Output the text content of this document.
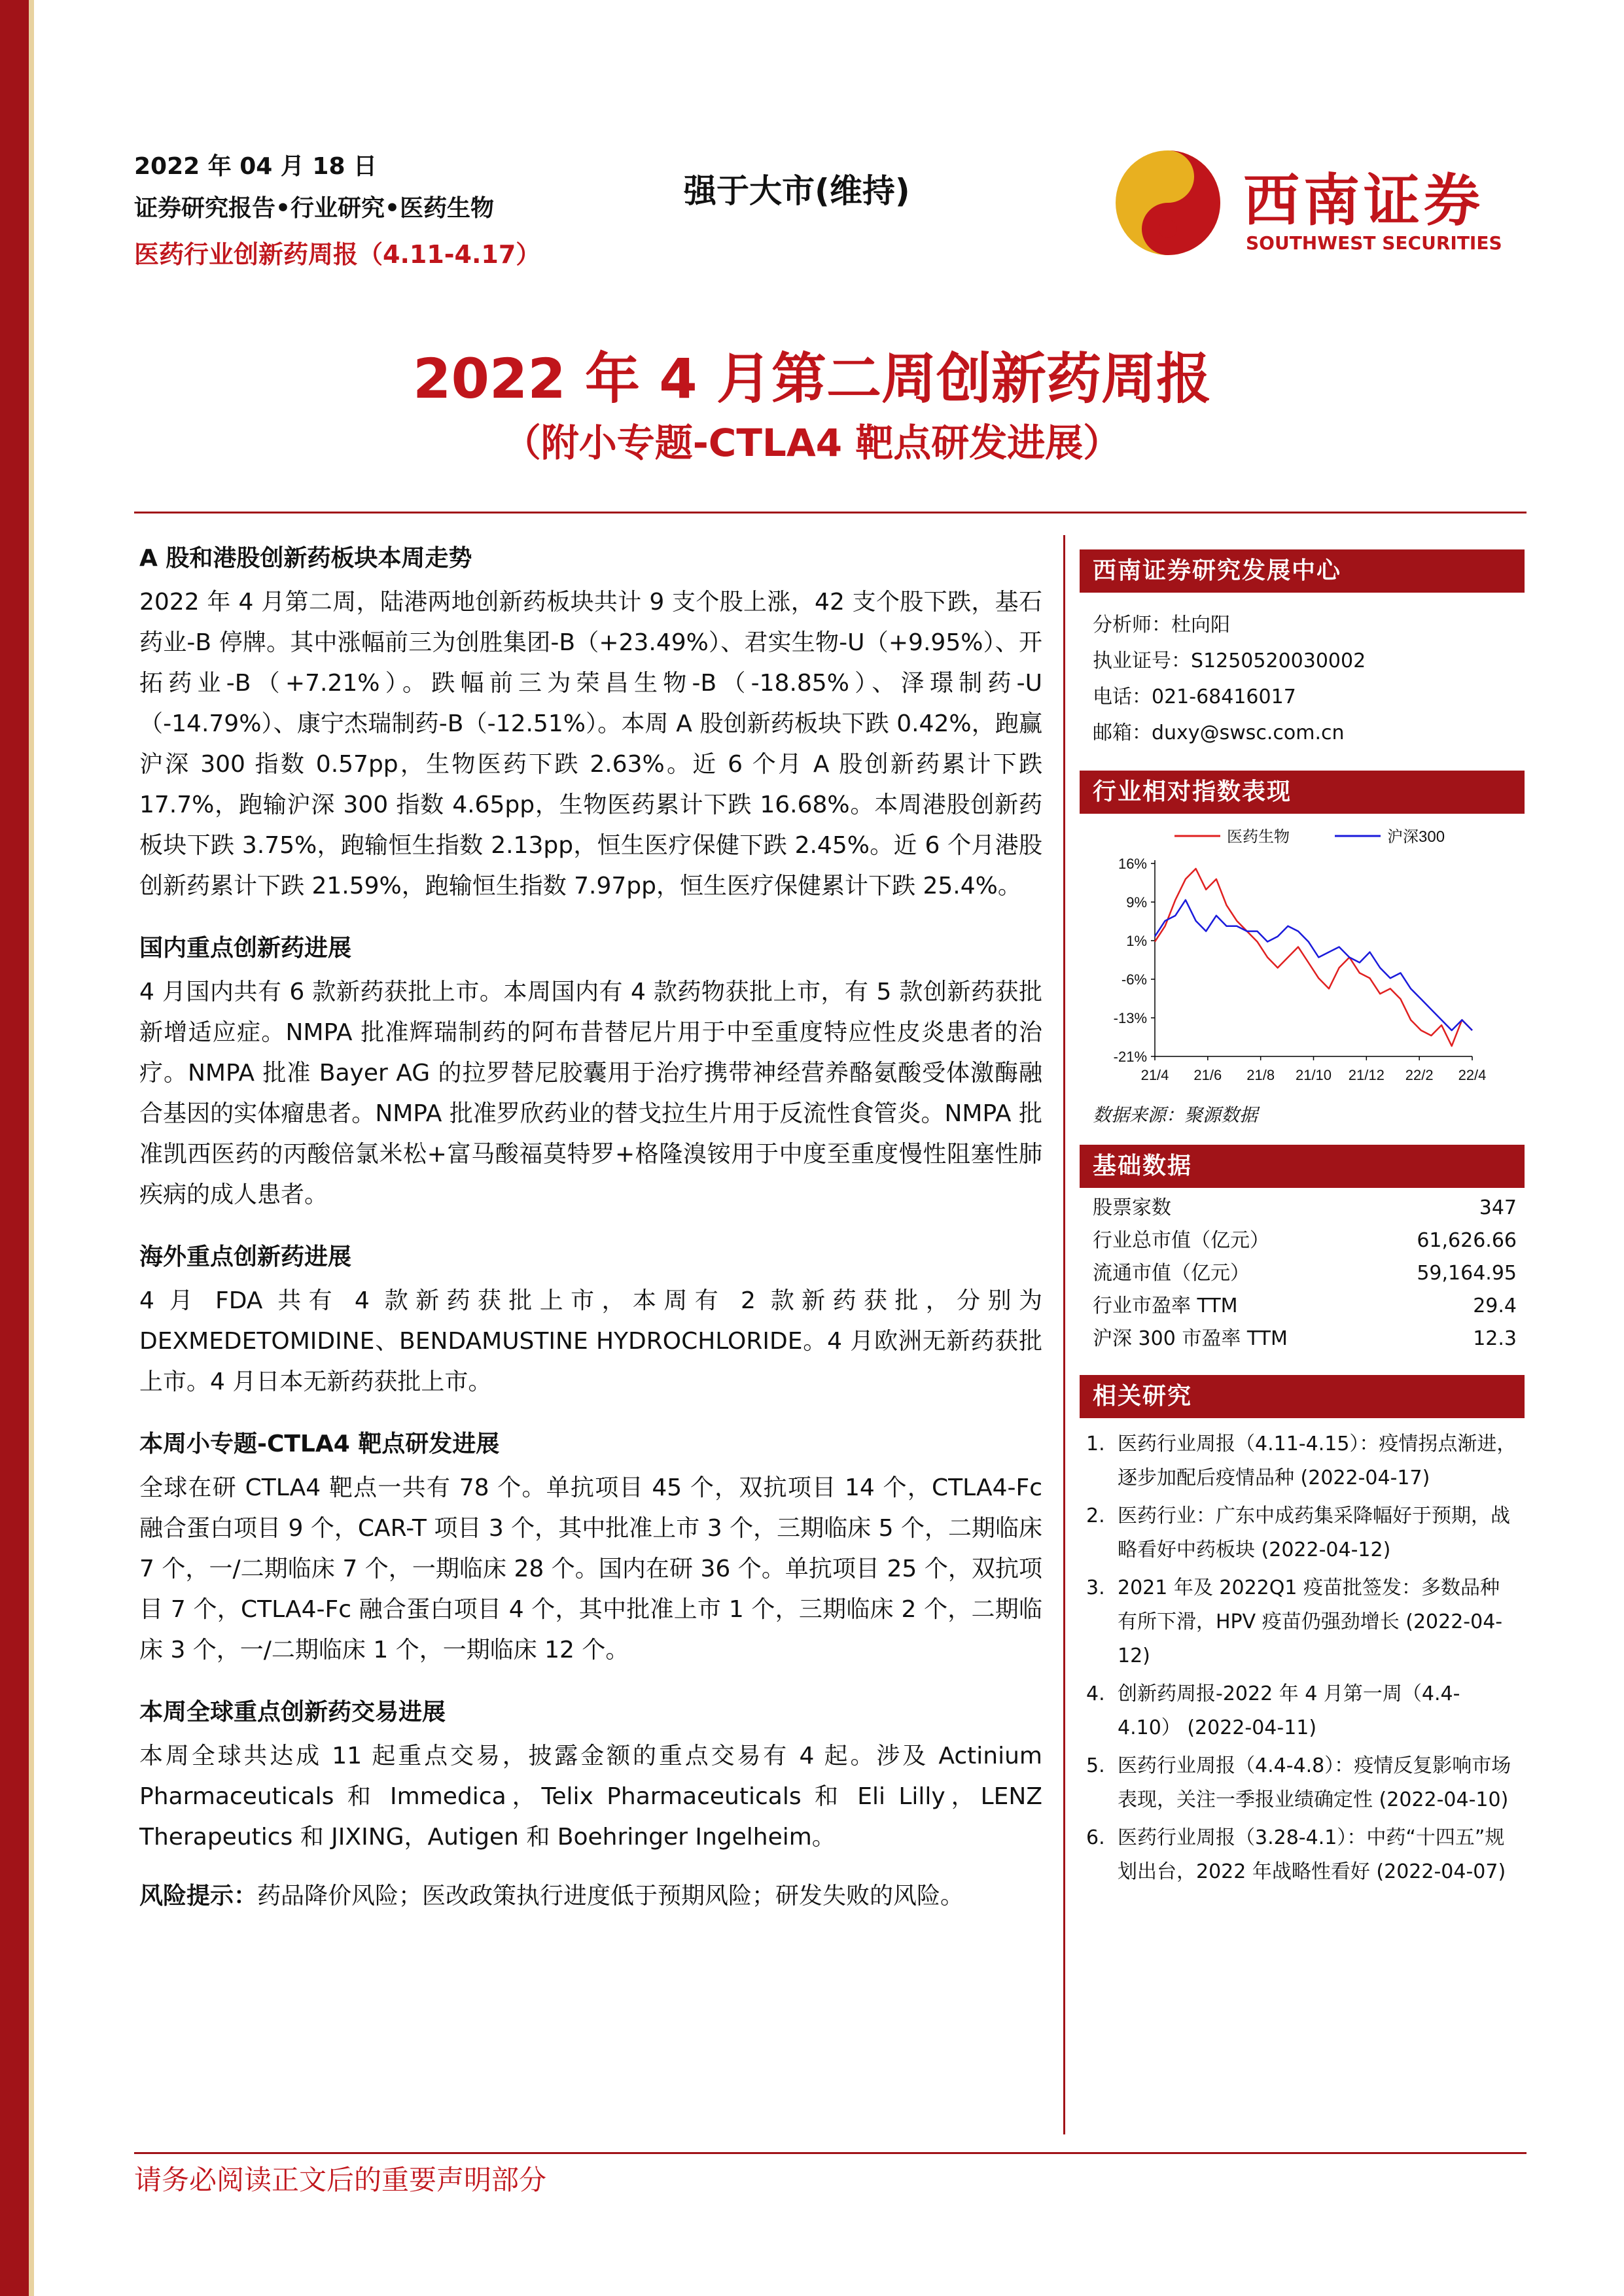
2022 年 04 月 18 日
证券研究报告•行业研究•医药生物
医药行业创新药周报（4.11-4.17）
强于大市(维持)	西南证券
SOUTHWEST SECURITIES
2022 年 4 月第二周创新药周报
（附小专题-CTLA4 靶点研发进展）
A 股和港股创新药板块本周走势

2022 年 4 月第二周，陆港两地创新药板块共计 9 支个股上涨，42 支个股下跌，基石药业-B 停牌。其中涨幅前三为创胜集团-B（+23.49%）、君实生物-U（+9.95%）、开拓药业-B（+7.21%）。跌幅前三为荣昌生物-B（-18.85%）、泽璟制药-U（-14.79%）、康宁杰瑞制药-B（-12.51%）。本周 A 股创新药板块下跌 0.42%，跑赢沪深 300 指数 0.57pp，生物医药下跌 2.63%。近 6 个月 A 股创新药累计下跌 17.7%，跑输沪深 300 指数 4.65pp，生物医药累计下跌 16.68%。本周港股创新药板块下跌 3.75%，跑输恒生指数 2.13pp，恒生医疗保健下跌 2.45%。近 6 个月港股创新药累计下跌 21.59%，跑输恒生指数 7.97pp，恒生医疗保健累计下跌 25.4%。

国内重点创新药进展

4 月国内共有 6 款新药获批上市。本周国内有 4 款药物获批上市，有 5 款创新药获批新增适应症。NMPA 批准辉瑞制药的阿布昔替尼片用于中至重度特应性皮炎患者的治疗。NMPA 批准 Bayer AG 的拉罗替尼胶囊用于治疗携带神经营养酪氨酸受体激酶融合基因的实体瘤患者。NMPA 批准罗欣药业的替戈拉生片用于反流性食管炎。NMPA 批准凯西医药的丙酸倍氯米松+富马酸福莫特罗+格隆溴铵用于中度至重度慢性阻塞性肺疾病的成人患者。

海外重点创新药进展

4 月 FDA 共有 4 款新药获批上市，本周有 2 款新药获批，分别为 DEXMEDETOMIDINE、BENDAMUSTINE HYDROCHLORIDE。4 月欧洲无新药获批上市。4 月日本无新药获批上市。

本周小专题-CTLA4 靶点研发进展

全球在研 CTLA4 靶点一共有 78 个。单抗项目 45 个，双抗项目 14 个，CTLA4-Fc 融合蛋白项目 9 个，CAR-T 项目 3 个，其中批准上市 3 个，三期临床 5 个，二期临床 7 个，一/二期临床 7 个，一期临床 28 个。国内在研 36 个。单抗项目 25 个，双抗项目 7 个，CTLA4-Fc 融合蛋白项目 4 个，其中批准上市 1 个，三期临床 2 个，二期临床 3 个，一/二期临床 1 个，一期临床 12 个。

本周全球重点创新药交易进展

本周全球共达成 11 起重点交易，披露金额的重点交易有 4 起。涉及 Actinium Pharmaceuticals 和 Immedica，Telix Pharmaceuticals 和 Eli Lilly，LENZ Therapeutics 和 JIXING，Autigen 和 Boehringer Ingelheim。

风险提示：药品降价风险；医改政策执行进度低于预期风险；研发失败的风险。

西南证券研究发展中心
分析师：杜向阳
执业证号：S1250520030002
电话：021-68416017
邮箱：duxy@swsc.com.cn
行业相对指数表现
医药生物	沪深300
16%
9%
1%
-6%
-13%
-21%
21/4 21/6 21/8 21/10 21/12 22/2 22/4
数据来源：聚源数据
基础数据
股票家数	347
行业总市值（亿元）	61,626.66
流通市值（亿元）	59,164.95
行业市盈率 TTM	29.4
沪深 300 市盈率 TTM	12.3
相关研究
1. 医药行业周报（4.11-4.15）：疫情拐点渐进，逐步加配后疫情品种 (2022-04-17)
2. 医药行业：广东中成药集采降幅好于预期，战略看好中药板块 (2022-04-12)
3. 2021 年及 2022Q1 疫苗批签发：多数品种有所下滑，HPV 疫苗仍强劲增长 (2022-04-12)
4. 创新药周报-2022 年 4 月第一周（4.4-4.10） (2022-04-11)
5. 医药行业周报（4.4-4.8）：疫情反复影响市场表现，关注一季报业绩确定性 (2022-04-10)
6. 医药行业周报（3.28-4.1）：中药“十四五”规划出台，2022 年战略性看好 (2022-04-07)
请务必阅读正文后的重要声明部分
